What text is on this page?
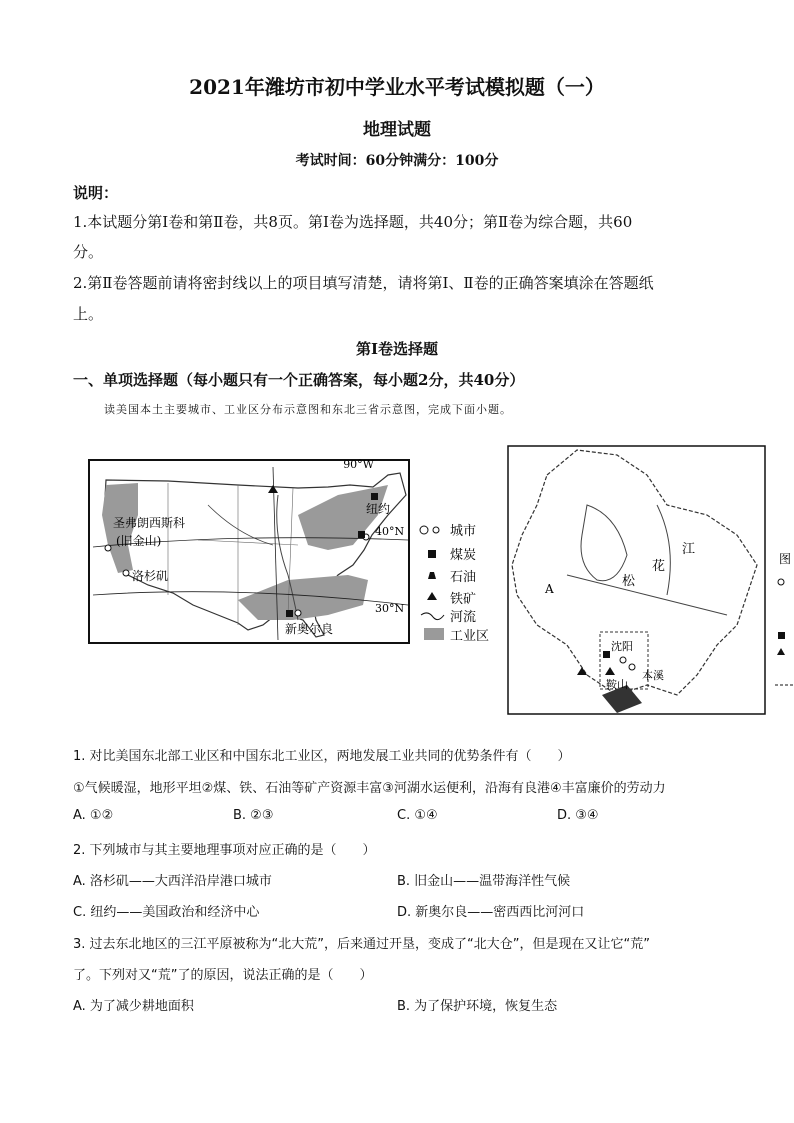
2021年潍坊市初中学业水平考试模拟题（一）
地理试题
考试时间：60分钟满分：100分
说明：
1.本试题分第Ⅰ卷和第Ⅱ卷，共8页。第Ⅰ卷为选择题，共40分；第Ⅱ卷为综合题，共60
分。
2.第Ⅱ卷答题前请将密封线以上的项目填写清楚，请将第Ⅰ、Ⅱ卷的正确答案填涂在答题纸
上。
第Ⅰ卷选择题
一、单项选择题（每小题只有一个正确答案，每小题2分，共40分）
读美国本土主要城市、工业区分布示意图和东北三省示意图，完成下面小题。
90°W
40°N
30°N
圣弗朗西斯科
(旧金山)
洛杉矶
纽约
新奥尔良
城市
煤炭
石油
铁矿
河流
工业区
A	松
花
江
沈阳
鞍山
本溪
图
1. 对比美国东北部工业区和中国东北工业区，两地发展工业共同的优势条件有（　　）
①气候暖湿，地形平坦②煤、铁、石油等矿产资源丰富③河湖水运便利，沿海有良港④丰富廉价的劳动力
A. ①②	B. ②③	C. ①④	D. ③④
2. 下列城市与其主要地理事项对应正确的是（　　）
A. 洛杉矶——大西洋沿岸港口城市	B. 旧金山——温带海洋性气候
C. 纽约——美国政治和经济中心	D. 新奥尔良——密西西比河河口
3. 过去东北地区的三江平原被称为“北大荒”，后来通过开垦，变成了“北大仓”，但是现在又让它“荒”
了。下列对又“荒”了的原因，说法正确的是（　　）
A. 为了减少耕地面积	B. 为了保护环境，恢复生态
